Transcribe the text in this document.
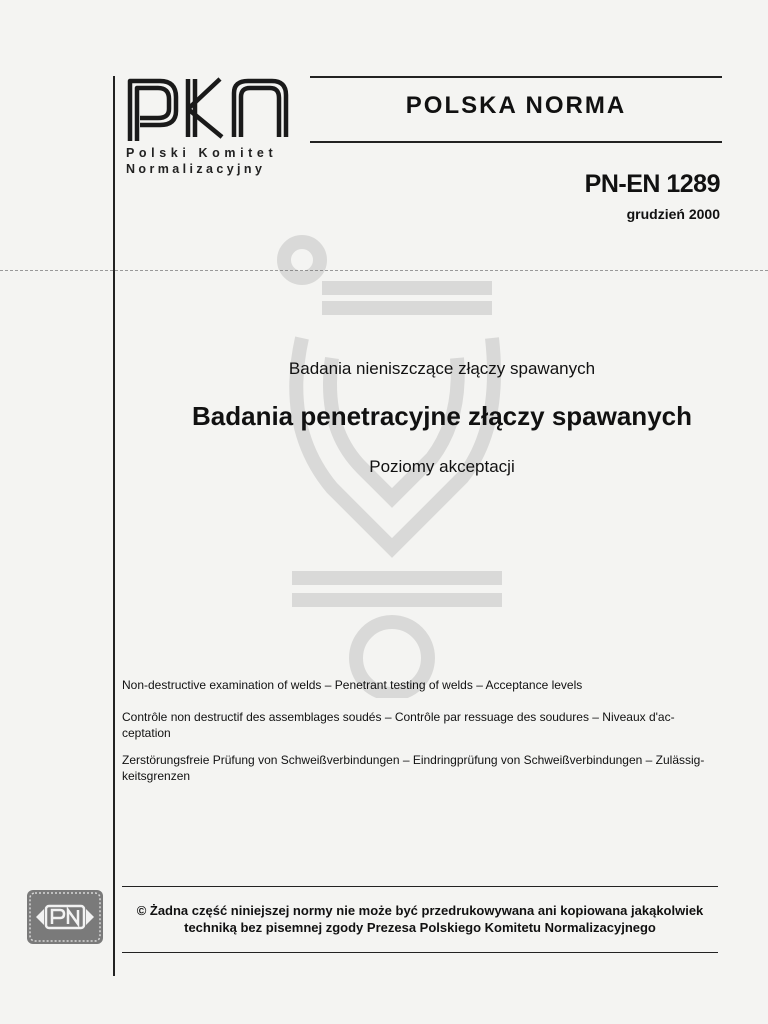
Polski Komitet
Normalizacyjny
POLSKA NORMA
PN-EN 1289
grudzień 2000
Badania nieniszczące złączy spawanych
Badania penetracyjne złączy spawanych
Poziomy akceptacji
Non-destructive examination of welds – Penetrant testing of welds – Acceptance levels
Contrôle non destructif des assemblages soudés – Contrôle par ressuage des soudures – Niveaux d'ac-ceptation
Zerstörungsfreie Prüfung von Schweißverbindungen – Eindringprüfung von Schweißverbindungen – Zulässig-keitsgrenzen
© Żadna część niniejszej normy nie może być przedrukowywana ani kopiowana jakąkolwiek techniką bez pisemnej zgody Prezesa Polskiego Komitetu Normalizacyjnego
